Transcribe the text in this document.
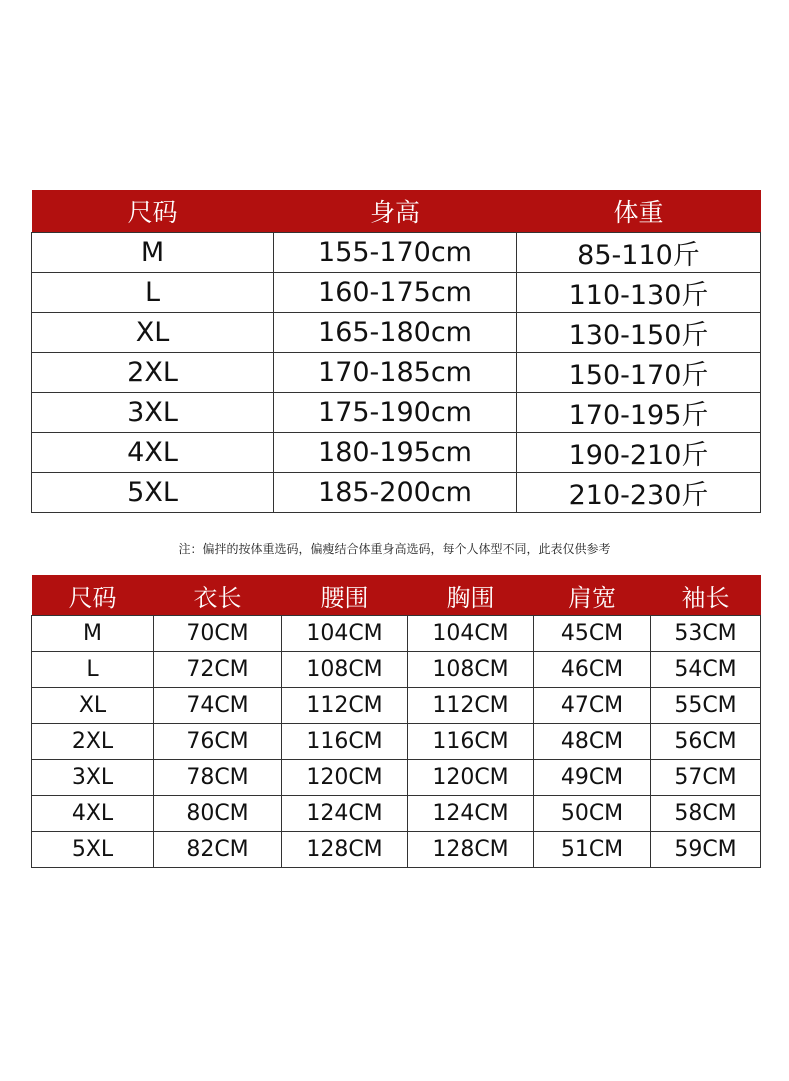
尺码	身高	体重
M	155-170cm	85-110斤
L	160-175cm	110-130斤
XL	165-180cm	130-150斤
2XL	170-185cm	150-170斤
3XL	175-190cm	170-195斤
4XL	180-195cm	190-210斤
5XL	185-200cm	210-230斤
注：偏拌的按体重选码，偏瘦结合体重身高选码，每个人体型不同，此表仅供参考
尺码	衣长	腰围	胸围	肩宽	袖长
M	70CM	104CM	104CM	45CM	53CM
L	72CM	108CM	108CM	46CM	54CM
XL	74CM	112CM	112CM	47CM	55CM
2XL	76CM	116CM	116CM	48CM	56CM
3XL	78CM	120CM	120CM	49CM	57CM
4XL	80CM	124CM	124CM	50CM	58CM
5XL	82CM	128CM	128CM	51CM	59CM
